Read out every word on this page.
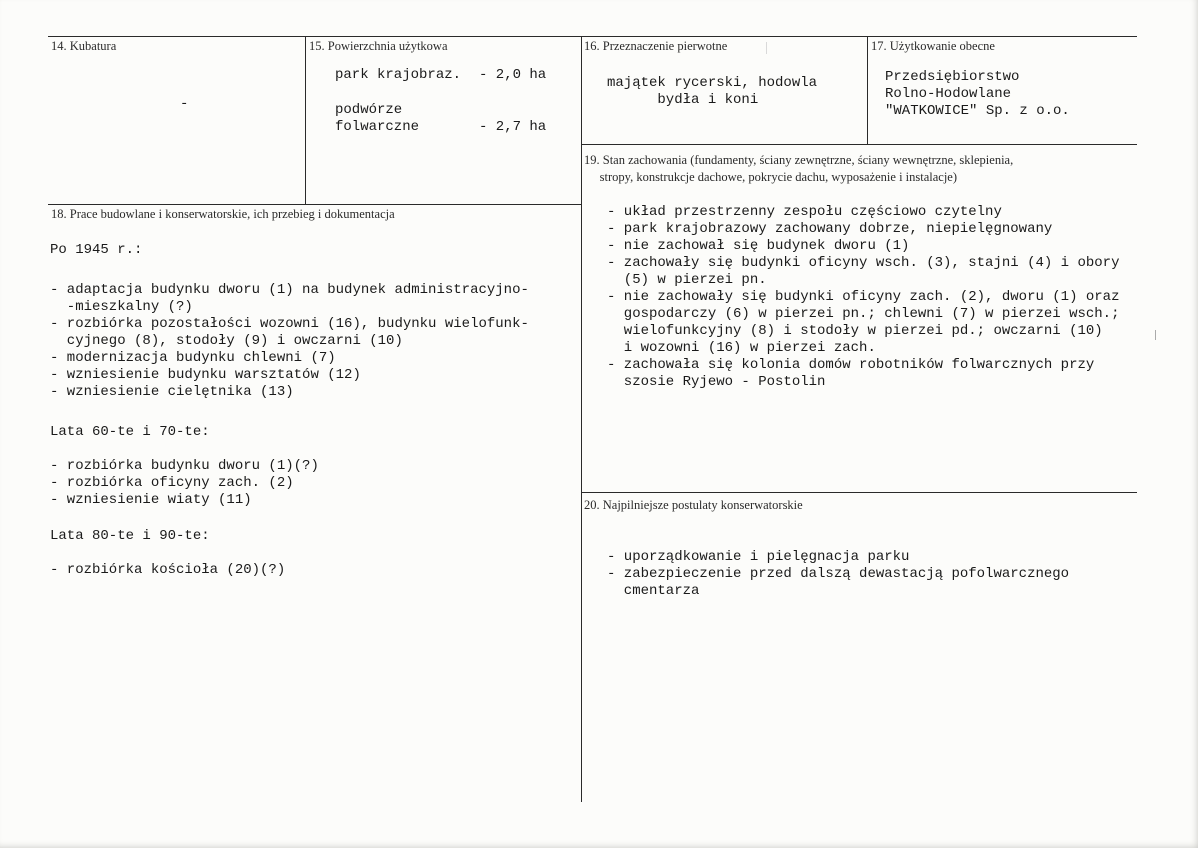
14. Kubatura
-
15. Powierzchnia użytkowa
park krajobraz. - 2,0 ha
podwórze
folwarczne	- 2,7 ha
16. Przeznaczenie pierwotne
majątek rycerski, hodowla
bydła i koni
17. Użytkowanie obecne
Przedsiębiorstwo
Rolno-Hodowlane
"WATKOWICE" Sp. z o.o.
18. Prace budowlane i konserwatorskie, ich przebieg i dokumentacja
Po 1945 r.:
- adaptacja budynku dworu (1) na budynek administracyjno-
-mieszkalny (?)
- rozbiórka pozostałości wozowni (16), budynku wielofunk-
cyjnego (8), stodoły (9) i owczarni (10)
- modernizacja budynku chlewni (7)
- wzniesienie budynku warsztatów (12)
- wzniesienie cielętnika (13)
Lata 60-te i 70-te:
- rozbiórka budynku dworu (1)(?)
- rozbiórka oficyny zach. (2)
- wzniesienie wiaty (11)
Lata 80-te i 90-te:
- rozbiórka kościoła (20)(?)
19. Stan zachowania (fundamenty, ściany zewnętrzne, ściany wewnętrzne, sklepienia,
stropy, konstrukcje dachowe, pokrycie dachu, wyposażenie i instalacje)
- układ przestrzenny zespołu częściowo czytelny
- park krajobrazowy zachowany dobrze, niepielęgnowany
- nie zachował się budynek dworu (1)
- zachowały się budynki oficyny wsch. (3), stajni (4) i obory
(5) w pierzei pn.
- nie zachowały się budynki oficyny zach. (2), dworu (1) oraz
gospodarczy (6) w pierzei pn.; chlewni (7) w pierzei wsch.;
wielofunkcyjny (8) i stodoły w pierzei pd.; owczarni (10)
i wozowni (16) w pierzei zach.
- zachowała się kolonia domów robotników folwarcznych przy
szosie Ryjewo - Postolin
20. Najpilniejsze postulaty konserwatorskie
- uporządkowanie i pielęgnacja parku
- zabezpieczenie przed dalszą dewastacją pofolwarcznego
cmentarza
